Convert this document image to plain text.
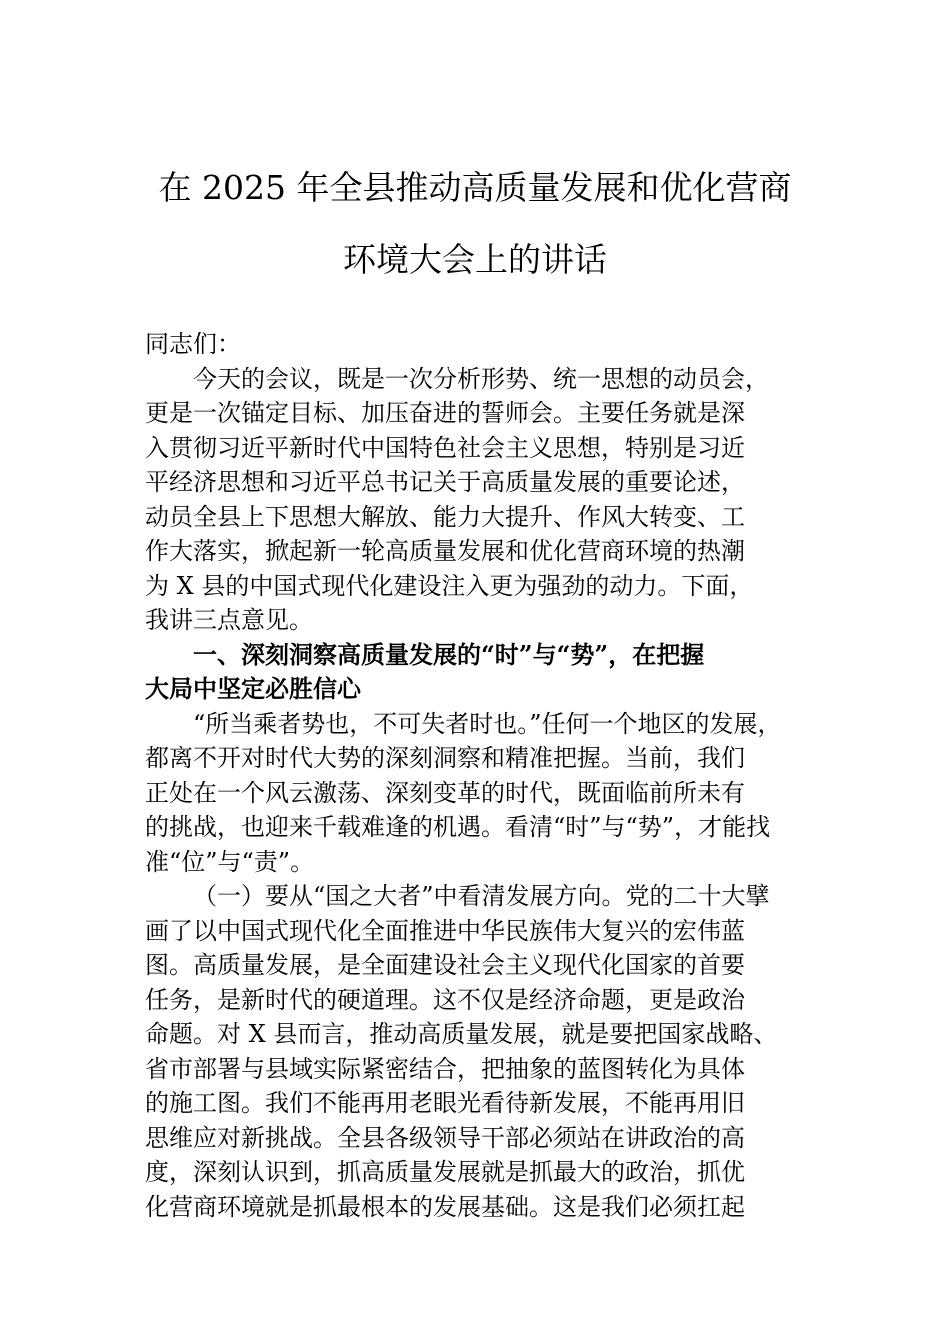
在 2025 年全县推动高质量发展和优化营商
环境大会上的讲话
同志们：
今天的会议，既是一次分析形势、统一思想的动员会，
更是一次锚定目标、加压奋进的誓师会。主要任务就是深
入贯彻习近平新时代中国特色社会主义思想，特别是习近
平经济思想和习近平总书记关于高质量发展的重要论述，
动员全县上下思想大解放、能力大提升、作风大转变、工
作大落实，掀起新一轮高质量发展和优化营商环境的热潮
为 X 县的中国式现代化建设注入更为强劲的动力。下面，
我讲三点意见。
一、深刻洞察高质量发展的“时”与“势”，在把握
大局中坚定必胜信心
“所当乘者势也，不可失者时也。”任何一个地区的发展，
都离不开对时代大势的深刻洞察和精准把握。当前，我们
正处在一个风云激荡、深刻变革的时代，既面临前所未有
的挑战，也迎来千载难逢的机遇。看清“时”与“势”，才能找
准“位”与“责”。
（一）要从“国之大者”中看清发展方向。党的二十大擘
画了以中国式现代化全面推进中华民族伟大复兴的宏伟蓝
图。高质量发展，是全面建设社会主义现代化国家的首要
任务，是新时代的硬道理。这不仅是经济命题，更是政治
命题。对 X 县而言，推动高质量发展，就是要把国家战略、
省市部署与县域实际紧密结合，把抽象的蓝图转化为具体
的施工图。我们不能再用老眼光看待新发展，不能再用旧
思维应对新挑战。全县各级领导干部必须站在讲政治的高
度，深刻认识到，抓高质量发展就是抓最大的政治，抓优
化营商环境就是抓最根本的发展基础。这是我们必须扛起
